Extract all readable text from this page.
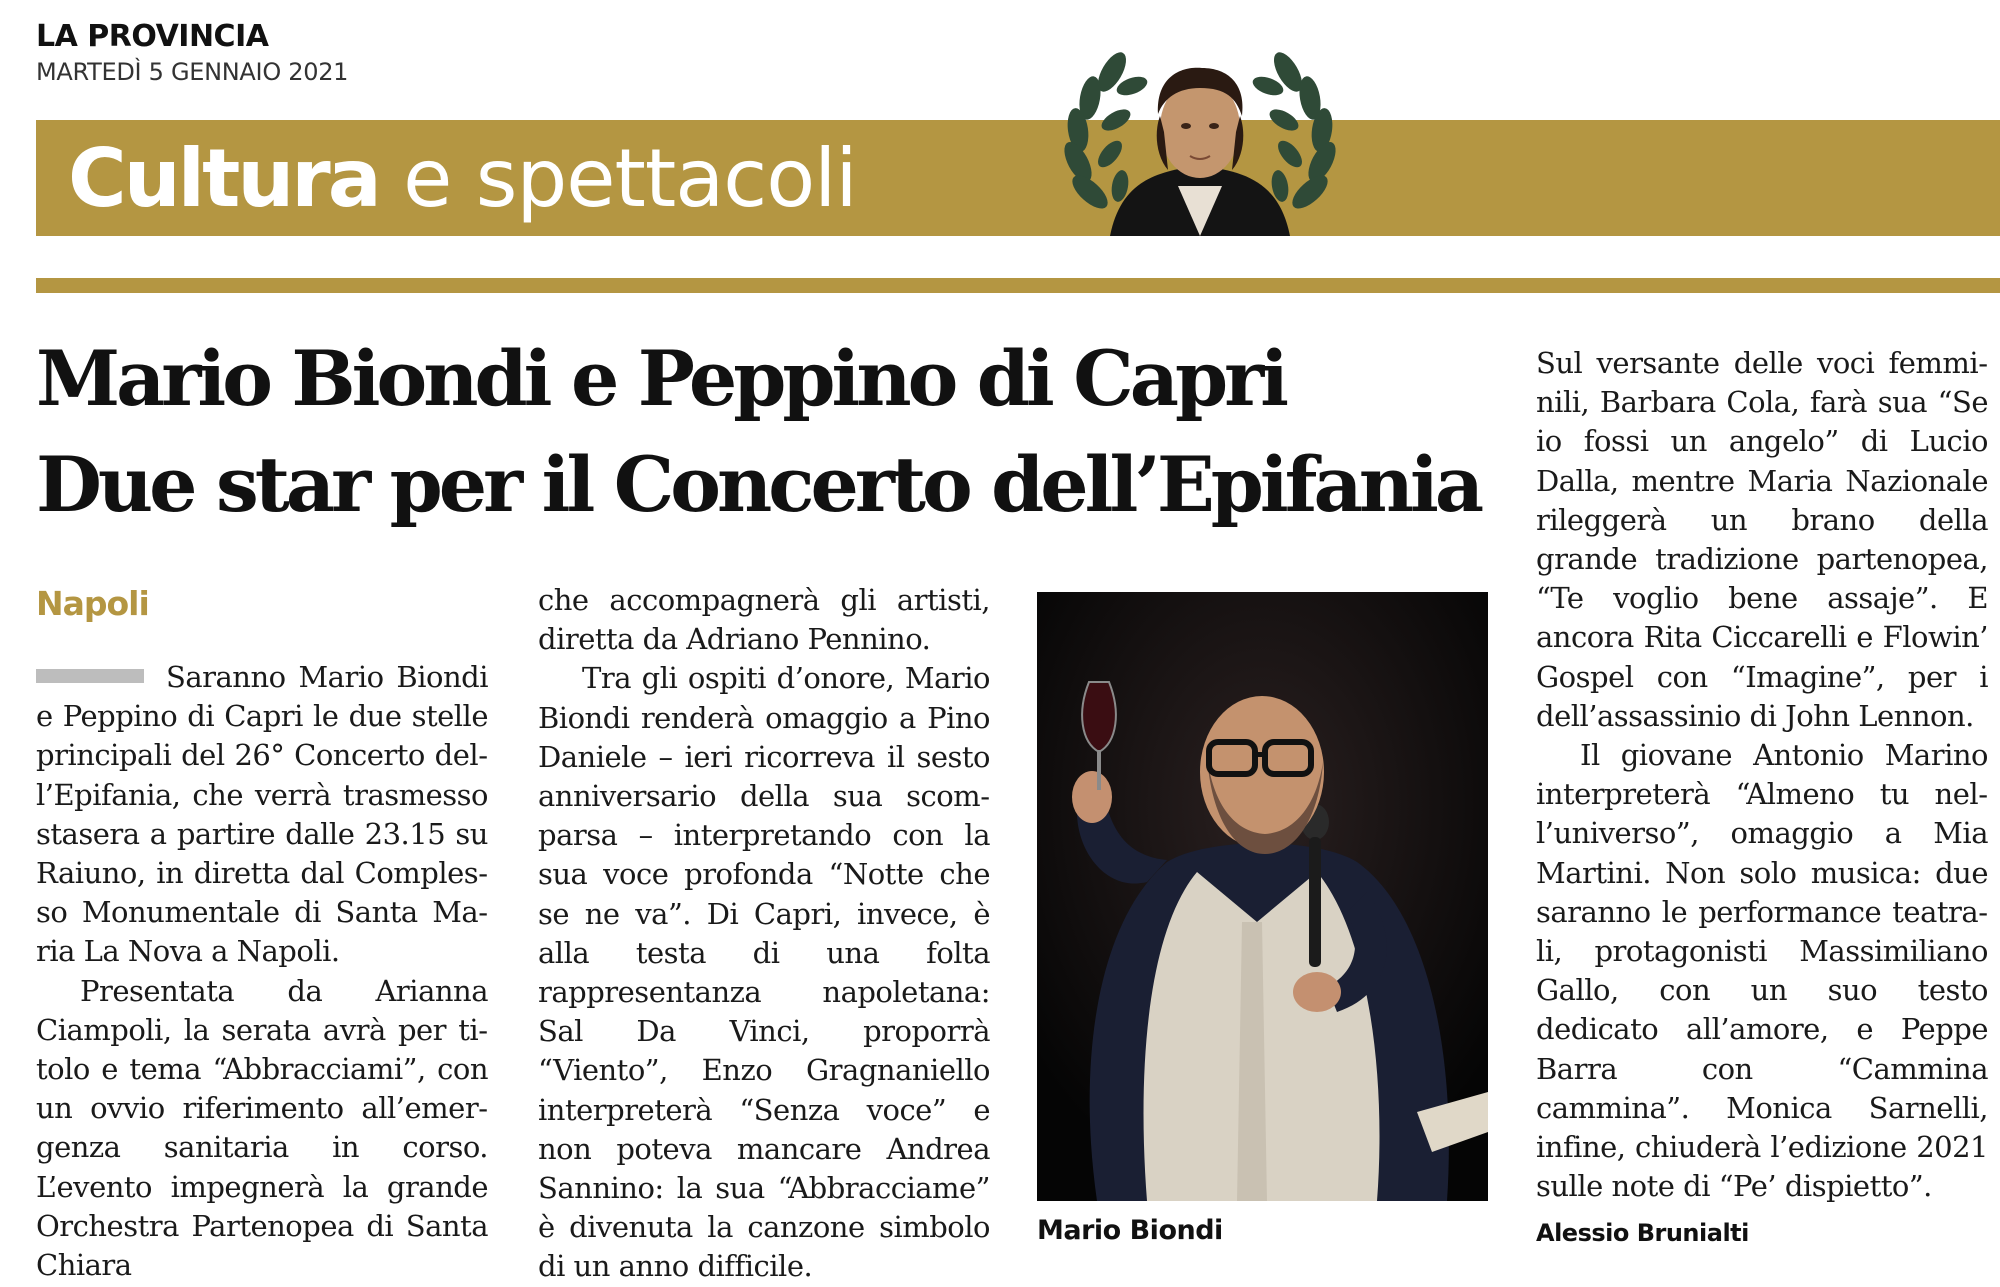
LA PROVINCIA
MARTEDÌ 5 GENNAIO 2021
Cultura e spettacoli
Mario Biondi e Peppino di Capri
Due star per il Concerto dell’Epifania
Napoli

Saranno Mario Biondi e Peppino di Capri le due stelle principali del 26° Concerto dell’Epifania, che verrà trasmesso stasera a partire dalle 23.15 su Raiuno, in diretta dal Complesso Monumentale di Santa Maria La Nova a Napoli.

Presentata da Arianna Ciampoli, la serata avrà per titolo e tema “Abbracciami”, con un ovvio riferimento all’emergenza sanitaria in corso. L’evento impegnerà la grande Orchestra Partenopea di Santa Chiara

che accompagnerà gli artisti, diretta da Adriano Pennino.

Tra gli ospiti d’onore, Mario Biondi renderà omaggio a Pino Daniele – ieri ricorreva il sesto anniversario della sua scomparsa – interpretando con la sua voce profonda “Notte che se ne va”. Di Capri, invece, è alla testa di una folta rappresentanza napoletana: Sal Da Vinci, proporrà “Viento”, Enzo Gragnaniello interpreterà “Senza voce” e non poteva mancare Andrea Sannino: la sua “Abbracciame” è divenuta la canzone simbolo di un anno difficile.

Mario Biondi

Sul versante delle voci femminili, Barbara Cola, farà sua “Se io fossi un angelo” di Lucio Dalla, mentre Maria Nazionale rileggerà un brano della grande tradizione partenopea, “Te voglio bene assaje”. E ancora Rita Ciccarelli e Flowin’ Gospel con “Imagine”, per i dell’assassinio di John Lennon.

Il giovane Antonio Marino interpreterà “Almeno tu nell’universo”, omaggio a Mia Martini. Non solo musica: due saranno le performance teatrali, protagonisti Massimiliano Gallo, con un suo testo dedicato all’amore, e Peppe Barra con “Cammina cammina”. Monica Sarnelli, infine, chiuderà l’edizione 2021 sulle note di “Pe’ dispietto”.

Alessio Brunialti
